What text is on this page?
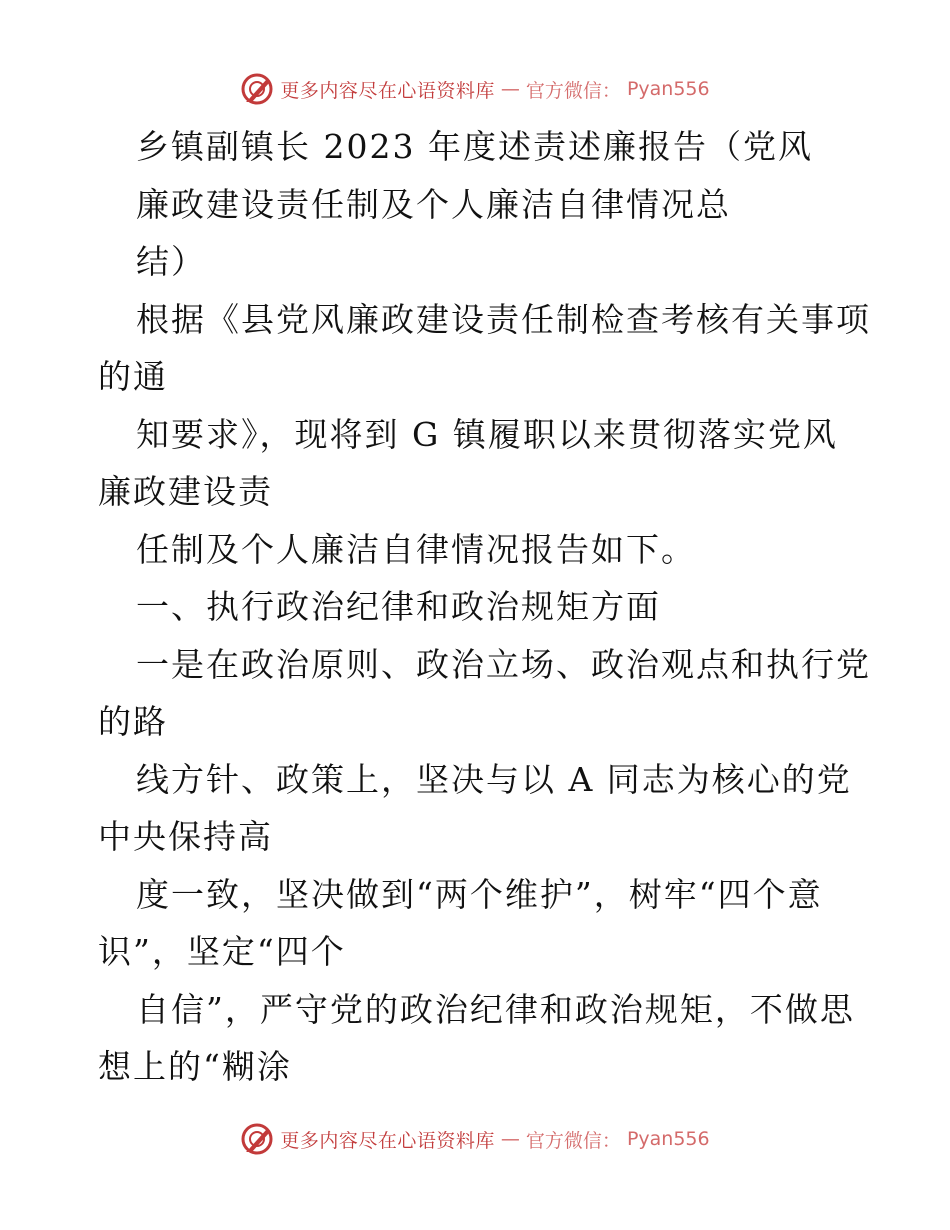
更多内容尽在心语资料库 — 官方微信： Pyan556
乡镇副镇长 2023 年度述责述廉报告（党风
廉政建设责任制及个人廉洁自律情况总
结）
根据《县党风廉政建设责任制检查考核有关事项
的通
知要求》，现将到 G 镇履职以来贯彻落实党风
廉政建设责
任制及个人廉洁自律情况报告如下。
一、执行政治纪律和政治规矩方面
一是在政治原则、政治立场、政治观点和执行党
的路
线方针、政策上，坚决与以 A 同志为核心的党
中央保持高
度一致，坚决做到“两个维护”，树牢“四个意
识”，坚定“四个
自信”，严守党的政治纪律和政治规矩，不做思
想上的“糊涂
更多内容尽在心语资料库 — 官方微信： Pyan556
